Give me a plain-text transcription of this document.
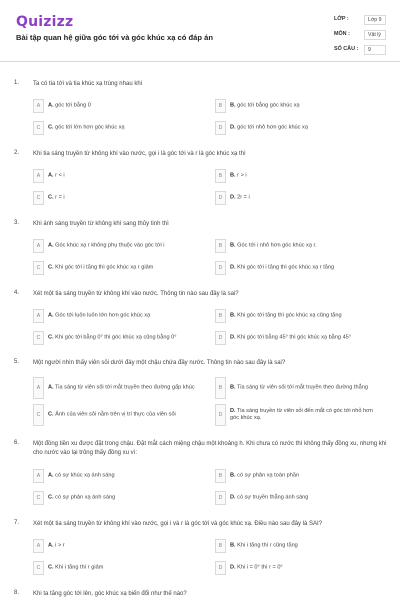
Quizizz
Bài tập quan hệ giữa góc tới và góc khúc xạ có đáp án
LỚP :	Lớp 9
MÔN :	Vật lý
SỐ CÂU :	9
1. Ta có tia tới và tia khúc xạ trùng nhau khi
A	A. góc tới bằng 0	B	B. góc tới bằng góc khúc xạ
C	C. góc tới lớn hơn góc khúc xạ	D	D. góc tới nhỏ hơn góc khúc xạ
2. Khi tia sáng truyền từ không khí vào nước, gọi i là góc tới và r là góc khúc xạ thì
A	A. r < i	B	B. r > i
C	C. r = i	D	D. 2r = i
3. Khi ánh sáng truyền từ không khí sang thủy tinh thì
A	A. Góc khúc xạ r không phụ thuộc vào góc tới i	B	B. Góc tới i nhỏ hơn góc khúc xạ r.
C	C. Khi góc tới i tăng thì góc khúc xạ r giảm	D	D. Khi góc tới i tăng thì góc khúc xạ r tăng
4. Xét một tia sáng truyền từ không khí vào nước. Thông tin nào sau đây là sai?
A	A. Góc tới luôn luôn lớn hơn góc khúc xạ	B	B. Khi góc tới tăng thì góc khúc xạ cũng tăng
C	C. Khi góc tới bằng 0° thì góc khúc xạ cũng bằng 0°	D	D. Khi góc tới bằng 45° thì góc khúc xạ bằng 45°
5. Một người nhìn thấy viên sỏi dưới đáy một chậu chứa đầy nước. Thông tin nào sau đây là sai?
A	A. Tia sáng từ viên sỏi tới mắt truyền theo đường gấp khúc	B	B. Tia sáng từ viên sỏi tới mắt truyền theo đường thẳng
C	C. Ảnh của viên sỏi nằm trên vị trí thực của viên sỏi	D
D. Tia sáng truyền từ viên sỏi đến mắt có góc tới nhỏ hơn góc khúc xạ.
6. Một đồng tiền xu được đặt trong chậu. Đặt mắt cách miệng chậu một khoảng h. Khi chưa có nước thì không thấy đồng xu, nhưng khi cho nước vào lại trông thấy đồng xu vì:
A	A. có sự khúc xạ ánh sáng	B	B. có sự phản xạ toàn phần
C	C. có sự phản xạ ánh sáng	D	D. có sự truyền thẳng ánh sáng
7. Xét một tia sáng truyền từ không khí vào nước, gọi i và r là góc tới và góc khúc xạ. Điều nào sau đây là SAI?
A	A. i > r	B	B. Khi i tăng thì r cũng tăng
C	C. Khi i tăng thì r giảm	D	D. Khi i = 0° thì r = 0°
8. Khi ta tăng góc tới lên, góc khúc xạ biến đổi như thế nào?
